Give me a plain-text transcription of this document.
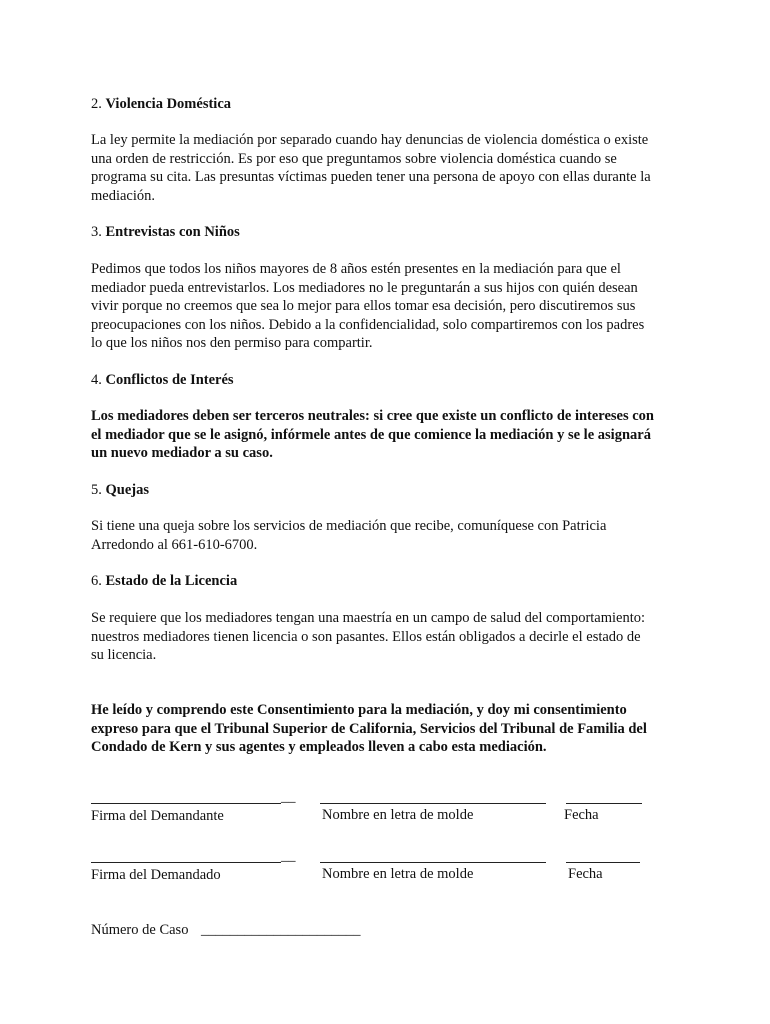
2. Violencia Doméstica
La ley permite la mediación por separado cuando hay denuncias de violencia doméstica o existe
una orden de restricción. Es por eso que preguntamos sobre violencia doméstica cuando se
programa su cita. Las presuntas víctimas pueden tener una persona de apoyo con ellas durante la
mediación.
3. Entrevistas con Niños
Pedimos que todos los niños mayores de 8 años estén presentes en la mediación para que el
mediador pueda entrevistarlos. Los mediadores no le preguntarán a sus hijos con quién desean
vivir porque no creemos que sea lo mejor para ellos tomar esa decisión, pero discutiremos sus
preocupaciones con los niños. Debido a la confidencialidad, solo compartiremos con los padres
lo que los niños nos den permiso para compartir.
4. Conflictos de Interés
Los mediadores deben ser terceros neutrales: si cree que existe un conflicto de intereses con
el mediador que se le asignó, infórmele antes de que comience la mediación y se le asignará
un nuevo mediador a su caso.
5. Quejas
Si tiene una queja sobre los servicios de mediación que recibe, comuníquese con Patricia
Arredondo al 661-610-6700.
6. Estado de la Licencia
Se requiere que los mediadores tengan una maestría en un campo de salud del comportamiento:
nuestros mediadores tienen licencia o son pasantes. Ellos están obligados a decirle el estado de
su licencia.
He leído y comprendo este Consentimiento para la mediación, y doy mi consentimiento
expreso para que el Tribunal Superior de California, Servicios del Tribunal de Familia del
Condado de Kern y sus agentes y empleados lleven a cabo esta mediación.
__
Firma del Demandante	Nombre en letra de molde	Fecha
__
Firma del Demandado	Nombre en letra de molde	Fecha
Número de Caso ______________________
